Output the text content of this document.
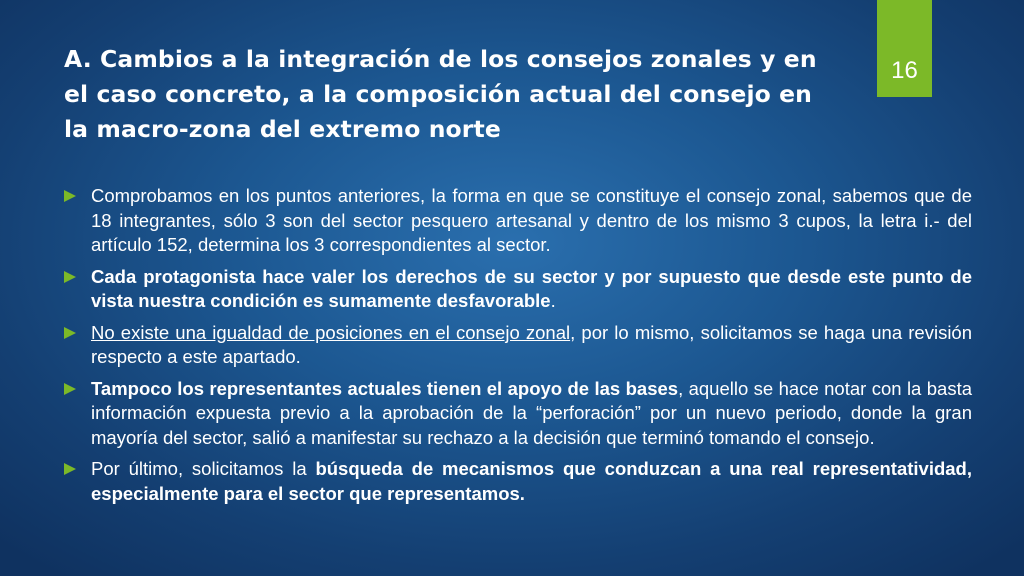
A. Cambios a la integración de los consejos zonales y en el caso concreto, a la composición actual del consejo en la macro-zona del extremo norte
16
Comprobamos en los puntos anteriores, la forma en que se constituye el consejo zonal, sabemos que de 18 integrantes, sólo 3 son del sector pesquero artesanal y dentro de los mismo 3 cupos, la letra i.- del artículo 152, determina los 3 correspondientes al sector.
Cada protagonista hace valer los derechos de su sector y por supuesto que desde este punto de vista nuestra condición es sumamente desfavorable.
No existe una igualdad de posiciones en el consejo zonal, por lo mismo, solicitamos se haga una revisión respecto a este apartado.
Tampoco los representantes actuales tienen el apoyo de las bases, aquello se hace notar con la basta información expuesta previo a la aprobación de la “perforación” por un nuevo periodo, donde la gran mayoría del sector, salió a manifestar su rechazo a la decisión que terminó tomando el consejo.
Por último, solicitamos la búsqueda de mecanismos que conduzcan a una real representatividad, especialmente para el sector que representamos.
